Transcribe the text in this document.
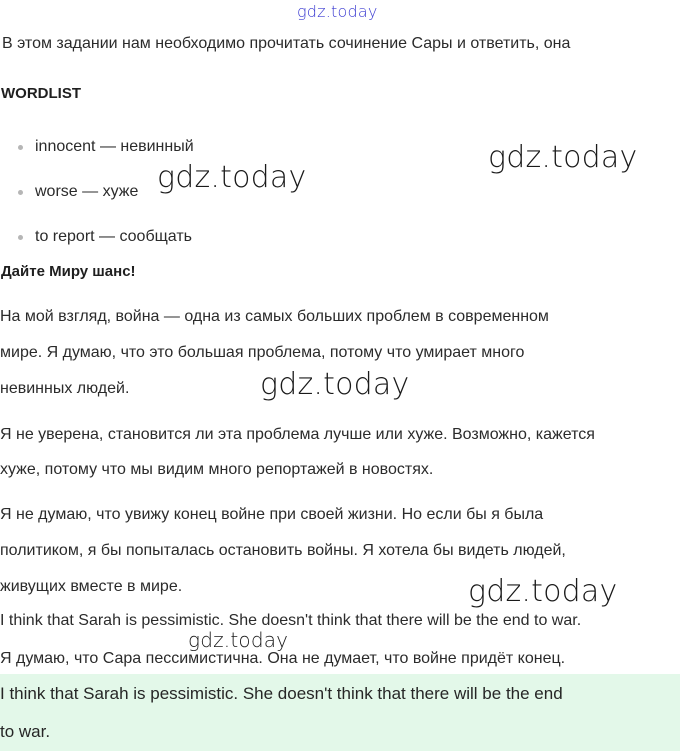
gdz.today
В этом задании нам необходимо прочитать сочинение Сары и ответить, она
WORDLIST
innocent — невинный
worse — хуже
to report — сообщать
gdz.today
gdz.today
Дайте Миру шанс!
На мой взгляд, война — одна из самых больших проблем в современном
мире. Я думаю, что это большая проблема, потому что умирает много
невинных людей.	gdz.today
Я не уверена, становится ли эта проблема лучше или хуже. Возможно, кажется
хуже, потому что мы видим много репортажей в новостях.
Я не думаю, что увижу конец войне при своей жизни. Но если бы я была
политиком, я бы попыталась остановить войны. Я хотела бы видеть людей,
живущих вместе в мире.	gdz.today
I think that Sarah is pessimistic. She doesn't think that there will be the end to war.
gdz.today
Я думаю, что Сара пессимистична. Она не думает, что войне придёт конец.
I think that Sarah is pessimistic. She doesn't think that there will be the end
to war.
